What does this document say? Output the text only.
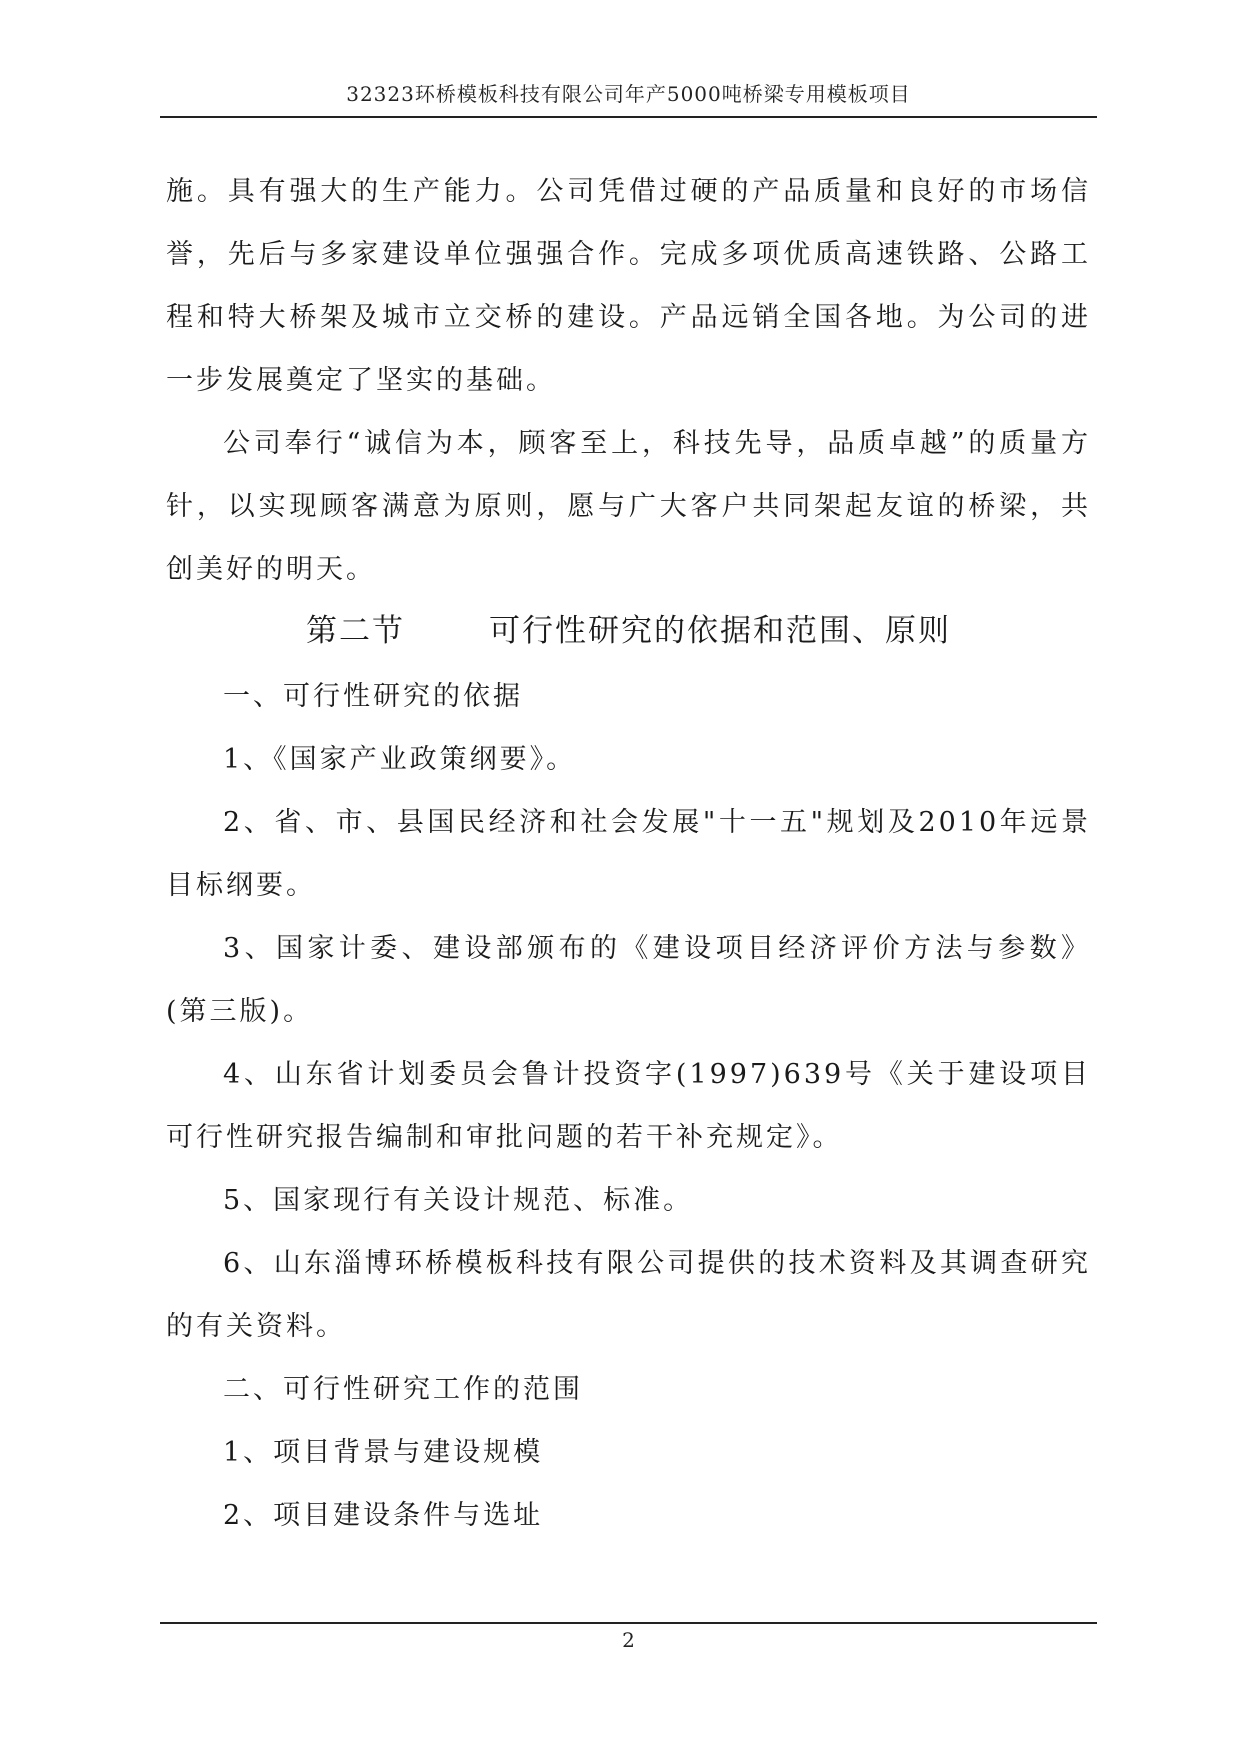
32323环桥模板科技有限公司年产5000吨桥梁专用模板项目

施。具有强大的生产能力。公司凭借过硬的产品质量和良好的市场信誉，先后与多家建设单位强强合作。完成多项优质高速铁路、公路工程和特大桥架及城市立交桥的建设。产品远销全国各地。为公司的进一步发展奠定了坚实的基础。

公司奉行“诚信为本，顾客至上，科技先导，品质卓越”的质量方针，以实现顾客满意为原则，愿与广大客户共同架起友谊的桥梁，共创美好的明天。

第二节	可行性研究的依据和范围、原则

一、可行性研究的依据

1、《国家产业政策纲要》。

2、省、市、县国民经济和社会发展"十一五"规划及2010年远景目标纲要。

3、国家计委、建设部颁布的《建设项目经济评价方法与参数》(第三版)。

4、山东省计划委员会鲁计投资字(1997)639号《关于建设项目可行性研究报告编制和审批问题的若干补充规定》。

5、国家现行有关设计规范、标准。

6、山东淄博环桥模板科技有限公司提供的技术资料及其调查研究的有关资料。

二、可行性研究工作的范围

1、项目背景与建设规模

2、项目建设条件与选址

2
